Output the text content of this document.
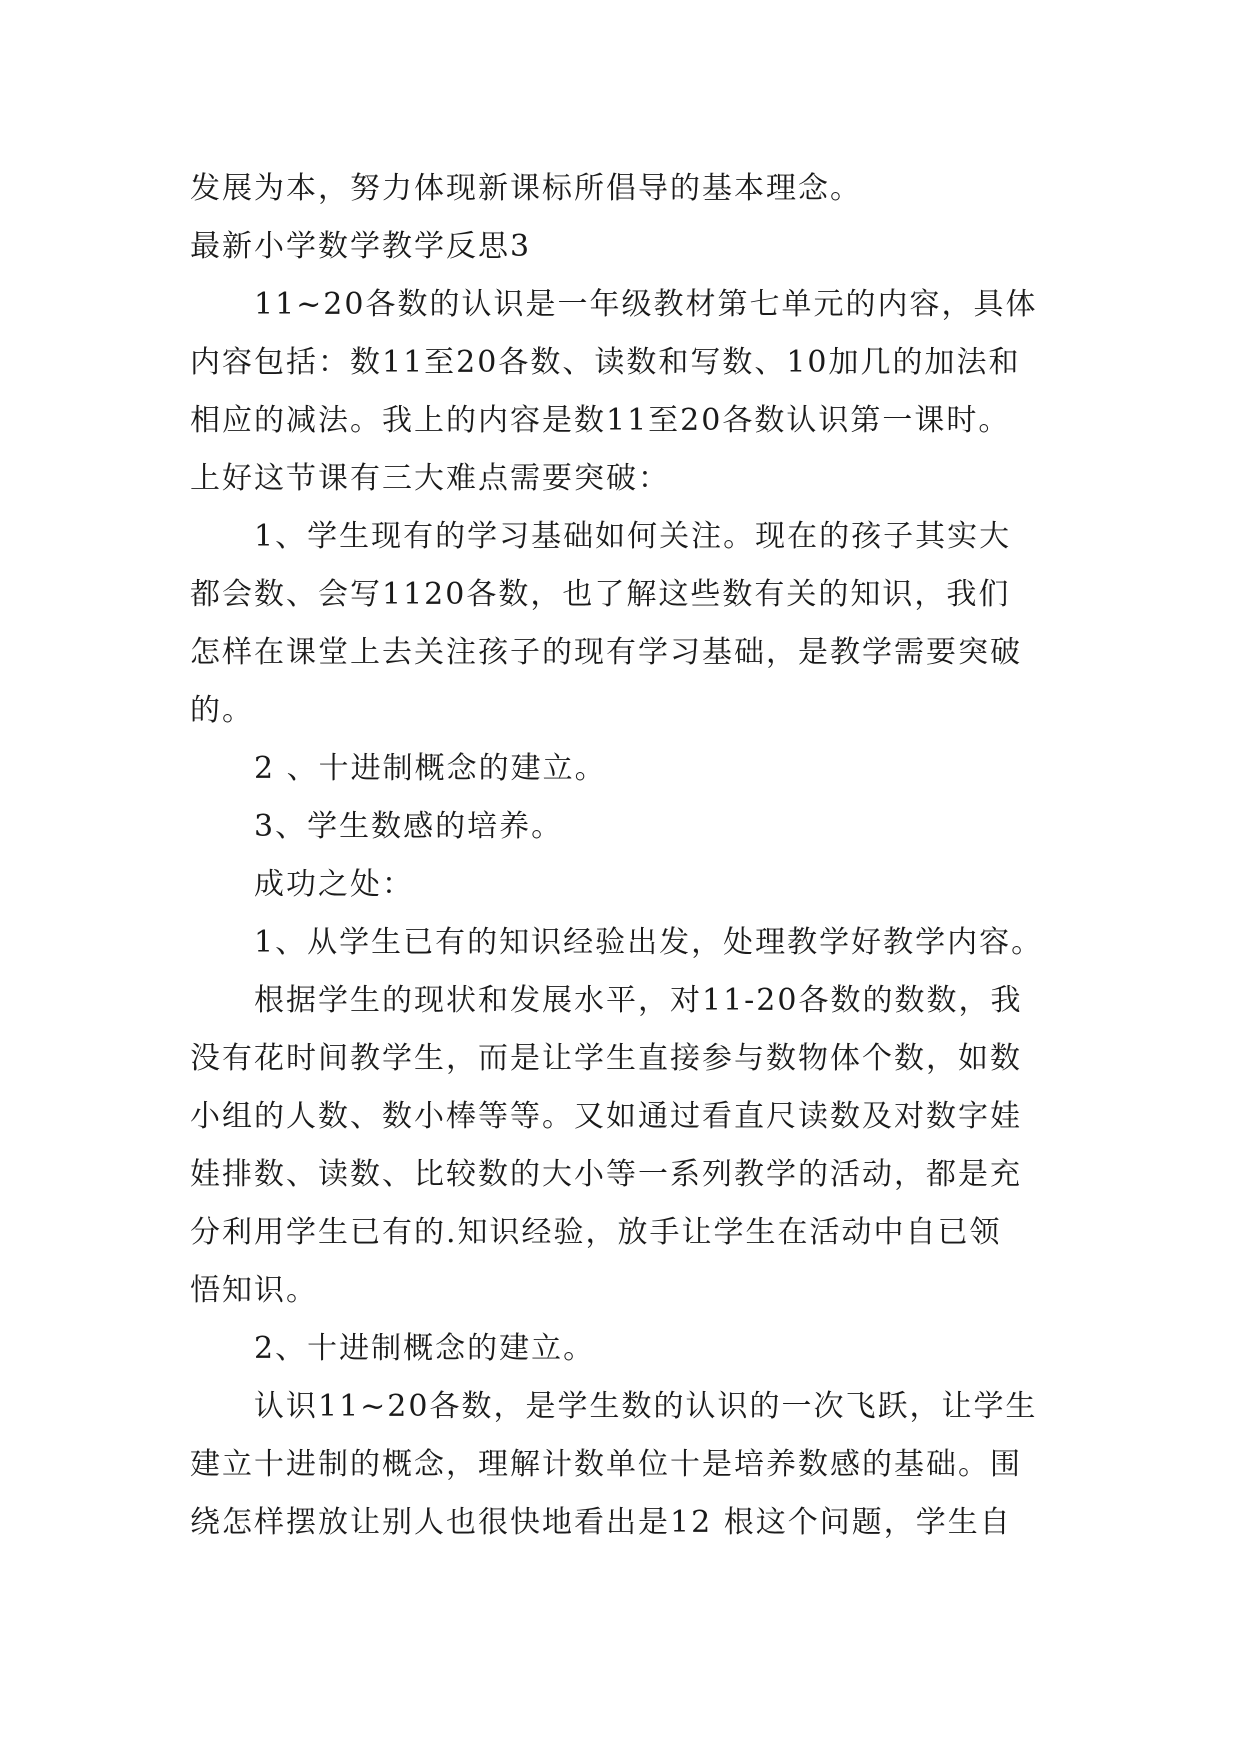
发展为本，努力体现新课标所倡导的基本理念。
最新小学数学教学反思3
11~20各数的认识是一年级教材第七单元的内容，具体
内容包括：数11至20各数、读数和写数、10加几的加法和
相应的减法。我上的内容是数11至20各数认识第一课时。
上好这节课有三大难点需要突破：
1、学生现有的学习基础如何关注。现在的孩子其实大
都会数、会写1120各数，也了解这些数有关的知识，我们
怎样在课堂上去关注孩子的现有学习基础，是教学需要突破
的。
2 、十进制概念的建立。
3、学生数感的培养。
成功之处：
1、从学生已有的知识经验出发，处理教学好教学内容。
根据学生的现状和发展水平，对11-20各数的数数，我
没有花时间教学生，而是让学生直接参与数物体个数，如数
小组的人数、数小棒等等。又如通过看直尺读数及对数字娃
娃排数、读数、比较数的大小等一系列教学的活动，都是充
分利用学生已有的.知识经验，放手让学生在活动中自已领
悟知识。
2、十进制概念的建立。
认识11~20各数，是学生数的认识的一次飞跃，让学生
建立十进制的概念，理解计数单位十是培养数感的基础。围
绕怎样摆放让别人也很快地看出是12 根这个问题，学生自
